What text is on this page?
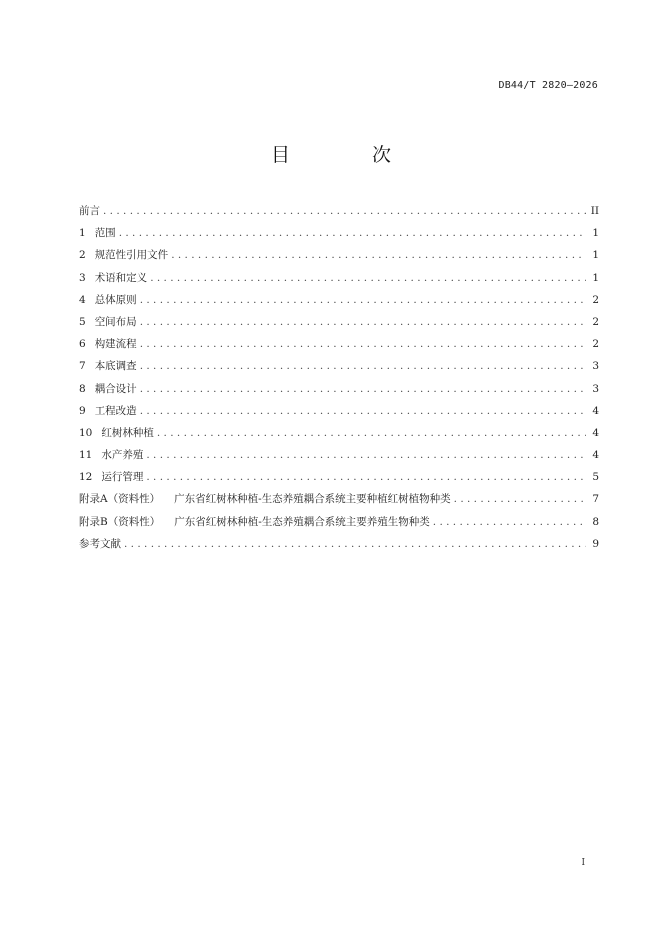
DB44/T 2820—2026
目 次
前言 . . .	II
1 范围 . . .	1
2 规范性引用文件 . . .	1
3 术语和定义 . . .	1
4 总体原则 . . .	2
5 空间布局 . . .	2
6 构建流程 . . .	2
7 本底调查 . . .	3
8 耦合设计 . . .	3
9 工程改造 . . .	4
10 红树林种植 . . .	4
11 水产养殖 . . .	4
12 运行管理 . . .	5
附录A（资料性） 广东省红树林种植-生态养殖耦合系统主要种植红树植物种类 . . .	7
附录B（资料性） 广东省红树林种植-生态养殖耦合系统主要养殖生物种类 . . .	8
参考文献 . . .	9
I
